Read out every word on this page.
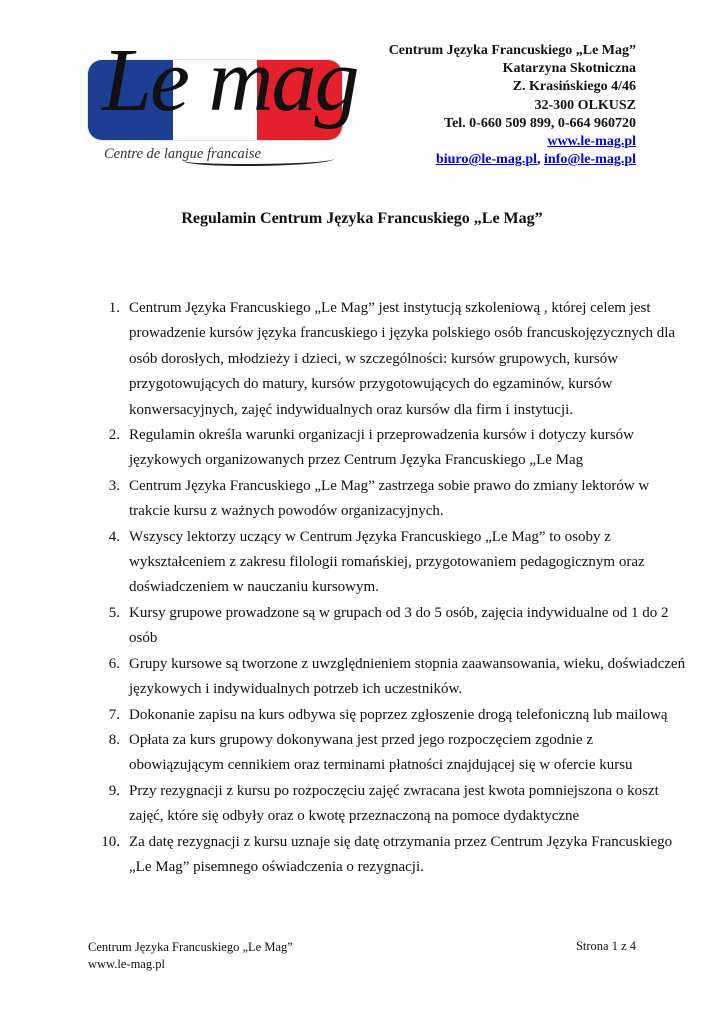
Le mag
Centre de langue francaise
Centrum Języka Francuskiego „Le Mag”
Katarzyna Skotniczna
Z. Krasińskiego 4/46
32-300 OLKUSZ
Tel. 0-660 509 899, 0-664 960720
www.le-mag.pl
biuro@le-mag.pl, info@le-mag.pl
Regulamin Centrum Języka Francuskiego „Le Mag”
Centrum Języka Francuskiego „Le Mag” jest instytucją szkoleniową , której celem jest prowadzenie kursów języka francuskiego i języka polskiego osób francuskojęzycznych dla osób dorosłych, młodzieży i dzieci, w szczególności: kursów grupowych, kursów przygotowujących do matury, kursów przygotowujących do egzaminów, kursów konwersacyjnych, zajęć indywidualnych oraz kursów dla firm i instytucji.
Regulamin określa warunki organizacji i przeprowadzenia kursów i dotyczy kursów językowych organizowanych przez Centrum Języka Francuskiego „Le Mag
Centrum Języka Francuskiego „Le Mag” zastrzega sobie prawo do zmiany lektorów w trakcie kursu z ważnych powodów organizacyjnych.
Wszyscy lektorzy uczący w Centrum Języka Francuskiego „Le Mag” to osoby z wykształceniem z zakresu filologii romańskiej, przygotowaniem pedagogicznym oraz doświadczeniem w nauczaniu kursowym.
Kursy grupowe prowadzone są w grupach od 3 do 5 osób, zajęcia indywidualne od 1 do 2 osób
Grupy kursowe są tworzone z uwzględnieniem stopnia zaawansowania, wieku, doświadczeń językowych i indywidualnych potrzeb ich uczestników.
Dokonanie zapisu na kurs odbywa się poprzez zgłoszenie drogą telefoniczną lub mailową
Opłata za kurs grupowy dokonywana jest przed jego rozpoczęciem zgodnie z obowiązującym cennikiem oraz terminami płatności znajdującej się w ofercie kursu
Przy rezygnacji z kursu po rozpoczęciu zajęć zwracana jest kwota pomniejszona o koszt zajęć, które się odbyły oraz o kwotę przeznaczoną na pomoce dydaktyczne
Za datę rezygnacji z kursu uznaje się datę otrzymania przez Centrum Języka Francuskiego „Le Mag” pisemnego oświadczenia o rezygnacji.
Centrum Języka Francuskiego „Le Mag”
www.le-mag.pl
Strona 1 z 4
